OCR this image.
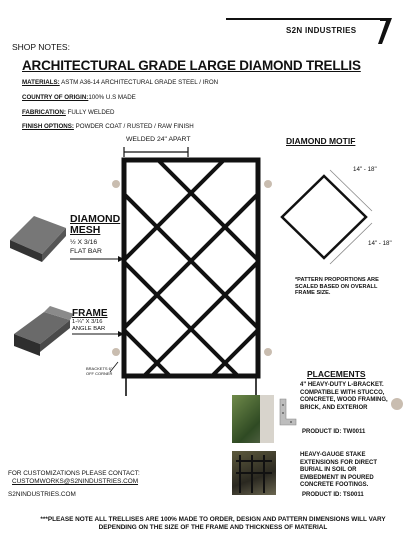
S2N INDUSTRIES
SHOP NOTES:
ARCHITECTURAL GRADE LARGE DIAMOND TRELLIS
MATERIALS: ASTM A36-14 ARCHITECTURAL GRADE STEEL / IRON
COUNTRY OF ORIGIN:100% U.S MADE
FABRICATION: FULLY WELDED
FINISH OPTIONS: POWDER COAT / RUSTED / RAW FINISH
WELDED 24" APART	DIAMOND MOTIF
14" - 18"
14" - 18"
*PATTERN PROPORTIONS ARE SCALED BASED ON OVERALL FRAME SIZE.
DIAMOND
MESH
½ X 3/16
FLAT BAR
FRAME
1-¼" X 3/16
ANGLE BAR
BRACKETS 6" OFF CORNER	PLACEMENTS
4" HEAVY-DUTY L-BRACKET. COMPATIBLE WITH STUCCO, CONCRETE, WOOD FRAMING, BRICK, AND EXTERIOR
PRODUCT ID: TW0011
HEAVY-GAUGE STAKE EXTENSIONS FOR DIRECT BURIAL IN SOIL OR EMBEDMENT IN POURED CONCRETE FOOTINGS.
PRODUCT ID: TS0011
FOR CUSTOMIZATIONS PLEASE CONTACT:
CUSTOMWORKS@S2NINDUSTRIES.COM
S2NINDUSTRIES.COM
***PLEASE NOTE ALL TRELLISES ARE 100% MADE TO ORDER, DESIGN AND PATTERN DIMENSIONS WILL VARY DEPENDING ON THE SIZE OF THE FRAME AND THICKNESS OF MATERIAL
